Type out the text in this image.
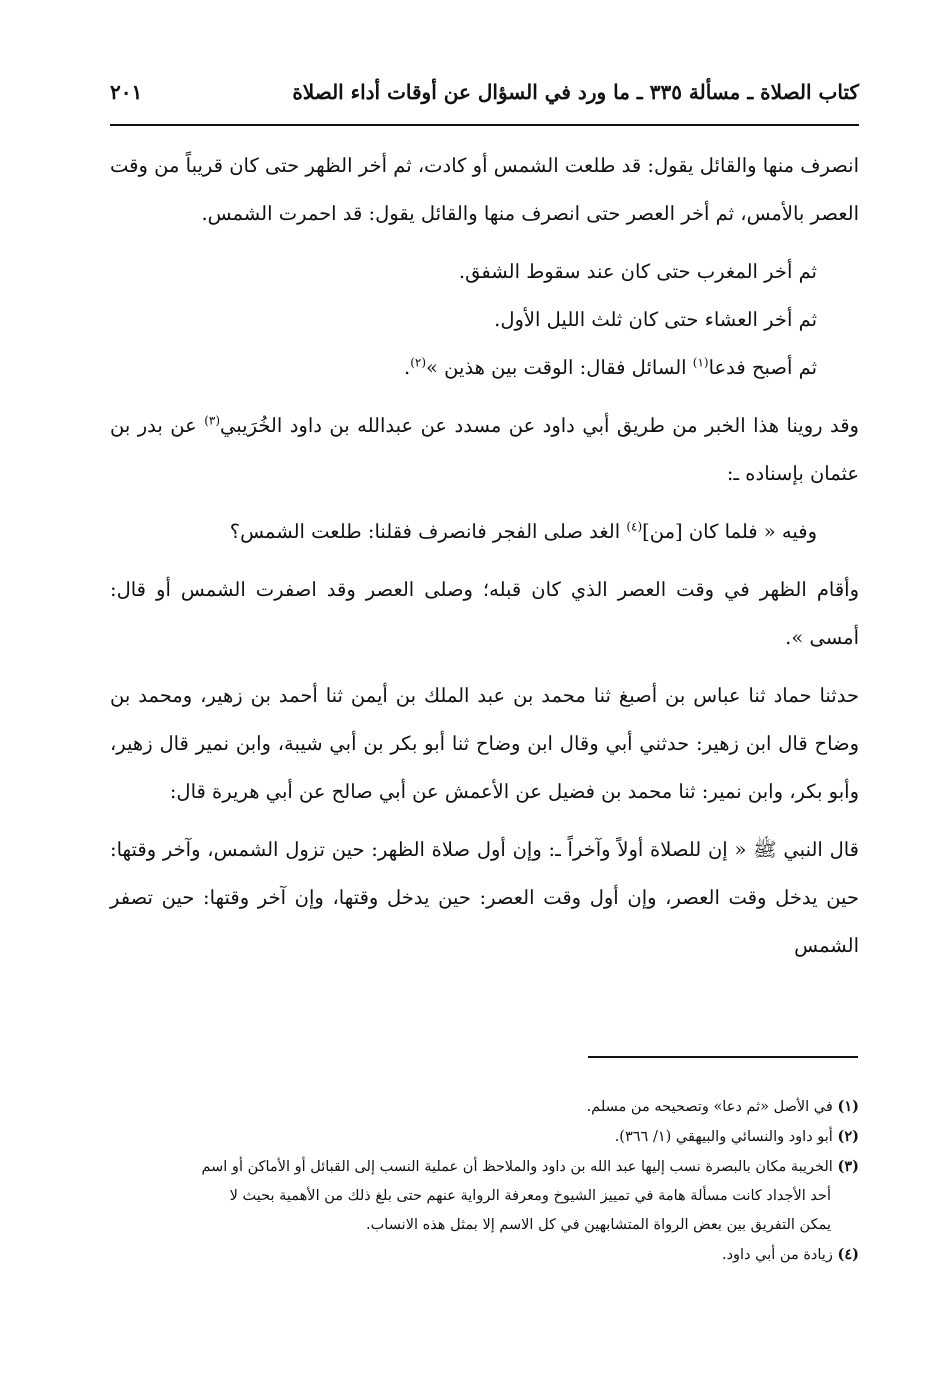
كتاب الصلاة ـ مسألة ٣٣٥ ـ ما ورد في السؤال عن أوقات أداء الصلاة
٢٠١

انصرف منها والقائل يقول: قد طلعت الشمس أو كادت، ثم أخر الظهر حتى كان قريباً من وقت العصر بالأمس، ثم أخر العصر حتى انصرف منها والقائل يقول: قد احمرت الشمس.

ثم أخر المغرب حتى كان عند سقوط الشفق.

ثم أخر العشاء حتى كان ثلث الليل الأول.

ثم أصبح فدعا$^{(١)}$ السائل فقال: الوقت بين هذين »$^{(٢)}$.

وقد روينا هذا الخبر من طريق أبي داود عن مسدد عن عبدالله بن داود الخُرَيبي$^{(٣)}$ عن بدر بن عثمان بإسناده ـ:

وفيه « فلما كان [من]$^{(٤)}$ الغد صلى الفجر فانصرف فقلنا: طلعت الشمس؟

وأقام الظهر في وقت العصر الذي كان قبله؛ وصلى العصر وقد اصفرت الشمس أو قال: أمسى ».

حدثنا حماد ثنا عباس بن أصبغ ثنا محمد بن عبد الملك بن أيمن ثنا أحمد بن زهير، ومحمد بن وضاح قال ابن زهير: حدثني أبي وقال ابن وضاح ثنا أبو بكر بن أبي شيبة، وابن نمير قال زهير، وأبو بكر، وابن نمير: ثنا محمد بن فضيل عن الأعمش عن أبي صالح عن أبي هريرة قال:

قال النبي ﷺ « إن للصلاة أولاً وآخراً ـ: وإن أول صلاة الظهر: حين تزول الشمس، وآخر وقتها: حين يدخل وقت العصر، وإن أول وقت العصر: حين يدخل وقتها، وإن آخر وقتها: حين تصفر الشمس

(١) في الأصل «ثم دعا» وتصحيحه من مسلم.

(٢) أبو داود والنسائي والبيهقي (١/ ٣٦٦).

(٣) الخريبة مكان بالبصرة نسب إليها عبد الله بن داود والملاحظ أن عملية النسب إلى القبائل أو الأماكن أو اسم

أحد الأجداد كانت مسألة هامة في تمييز الشيوخ ومعرفة الرواية عنهم حتى بلغ ذلك من الأهمية بحيث لا

يمكن التفريق بين بعض الرواة المتشابهين في كل الاسم إلا بمثل هذه الانساب.

(٤) زيادة من أبي داود.
